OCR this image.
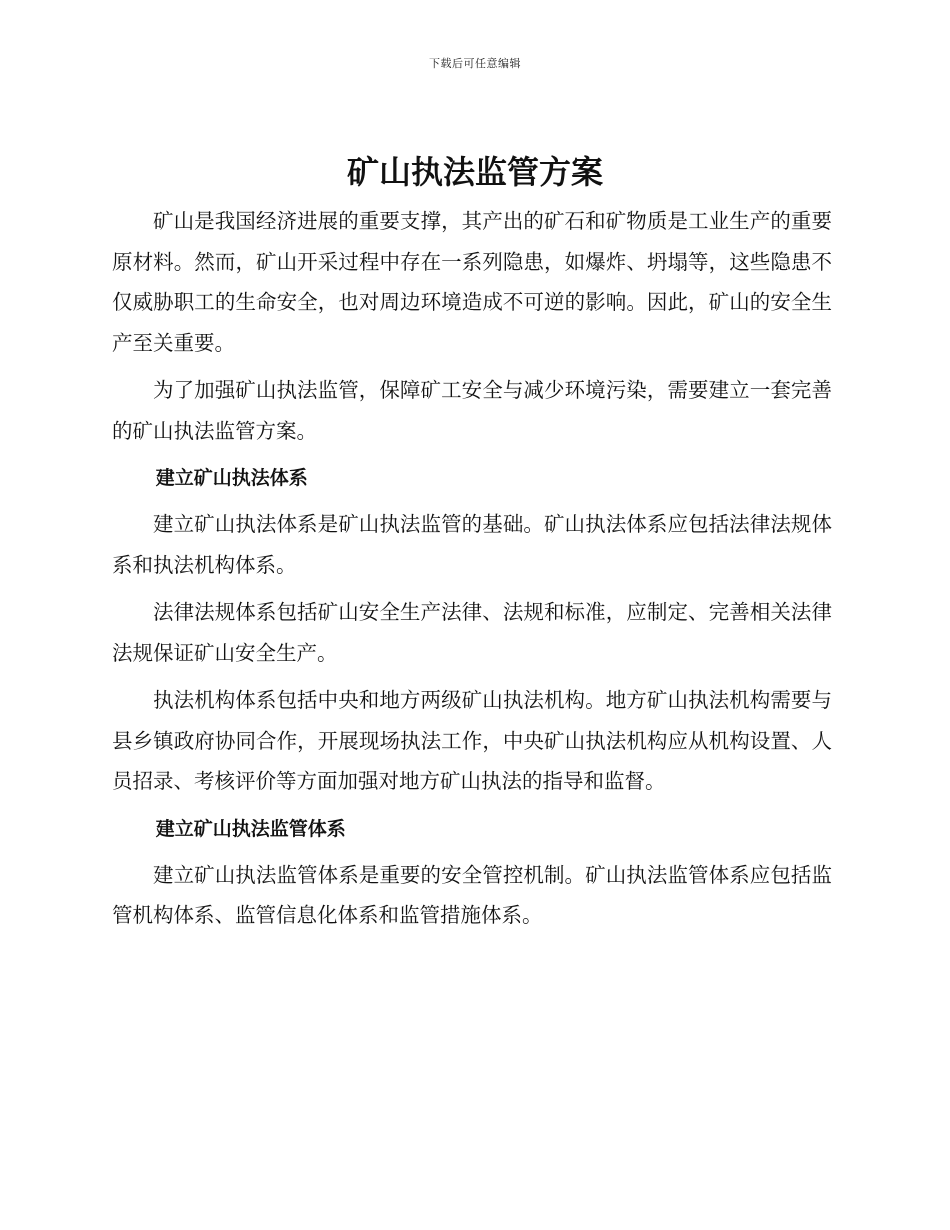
下载后可任意编辑
矿山执法监管方案

矿山是我国经济进展的重要支撑，其产出的矿石和矿物质是工业生产的重要原材料。然而，矿山开采过程中存在一系列隐患，如爆炸、坍塌等，这些隐患不仅威胁职工的生命安全，也对周边环境造成不可逆的影响。因此，矿山的安全生产至关重要。

为了加强矿山执法监管，保障矿工安全与减少环境污染，需要建立一套完善的矿山执法监管方案。

建立矿山执法体系

建立矿山执法体系是矿山执法监管的基础。矿山执法体系应包括法律法规体系和执法机构体系。

法律法规体系包括矿山安全生产法律、法规和标准，应制定、完善相关法律法规保证矿山安全生产。

执法机构体系包括中央和地方两级矿山执法机构。地方矿山执法机构需要与县乡镇政府协同合作，开展现场执法工作，中央矿山执法机构应从机构设置、人员招录、考核评价等方面加强对地方矿山执法的指导和监督。

建立矿山执法监管体系

建立矿山执法监管体系是重要的安全管控机制。矿山执法监管体系应包括监管机构体系、监管信息化体系和监管措施体系。
